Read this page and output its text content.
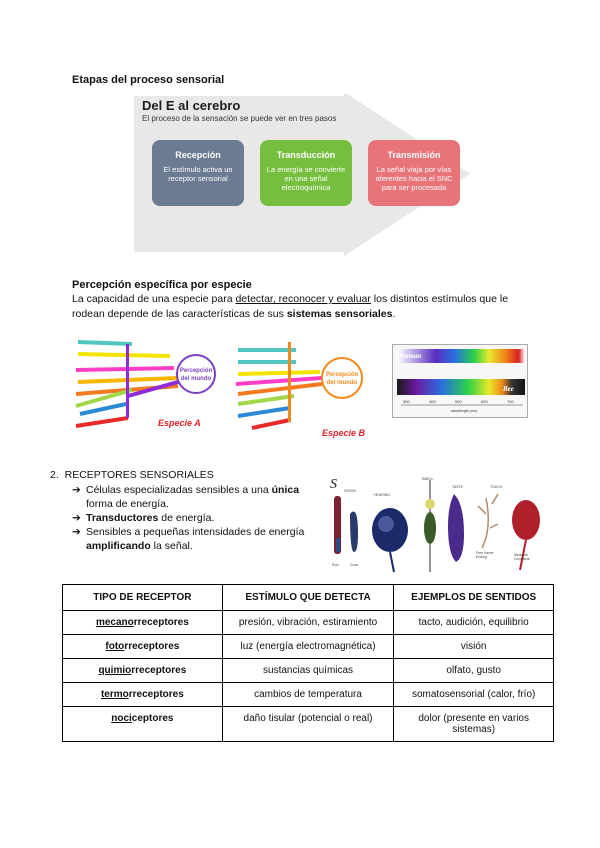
Etapas del proceso sensorial
Del E al cerebro
El proceso de la sensación se puede ver en tres pasos
Recepción
El estímulo activa un receptor sensorial
Transducción
La energía se convierte en una señal electroquímica
Transmisión
La señal viaja por vías aferentes hacia el SNC para ser procesada
Percepción específica por especie
La capacidad de una especie para detectar, reconocer y evaluar los distintos estímulos que le rodean depende de las características de sus sistemas sensoriales.
Percepción
del mundo
Percepción
del mundo
Especie A
Especie B
Human
Bee
300	400	500	600	700
wavelength (nm)
2. RECEPTORES SENSORIALES
➔ Células especializadas sensibles a una única forma de energía.
➔ Transductores de energía.
➔ Sensibles a pequeñas intensidades de energía amplificando la señal.
S VISION
HEARING
SMELL
TASTE	TOUCH
Rod	Cone
Meissner
Corpuscle
Free Nerve
Ending
TIPO DE RECEPTOR	ESTÍMULO QUE DETECTA	EJEMPLOS DE SENTIDOS
mecanorreceptores	presión, vibración, estiramiento	tacto, audición, equilibrio
fotorreceptores	luz (energía electromagnética)	visión
quimiorreceptores	sustancias químicas	olfato, gusto
termorreceptores	cambios de temperatura	somatosensorial (calor, frío)
nociceptores	daño tisular (potencial o real)	dolor (presente en varios sistemas)
